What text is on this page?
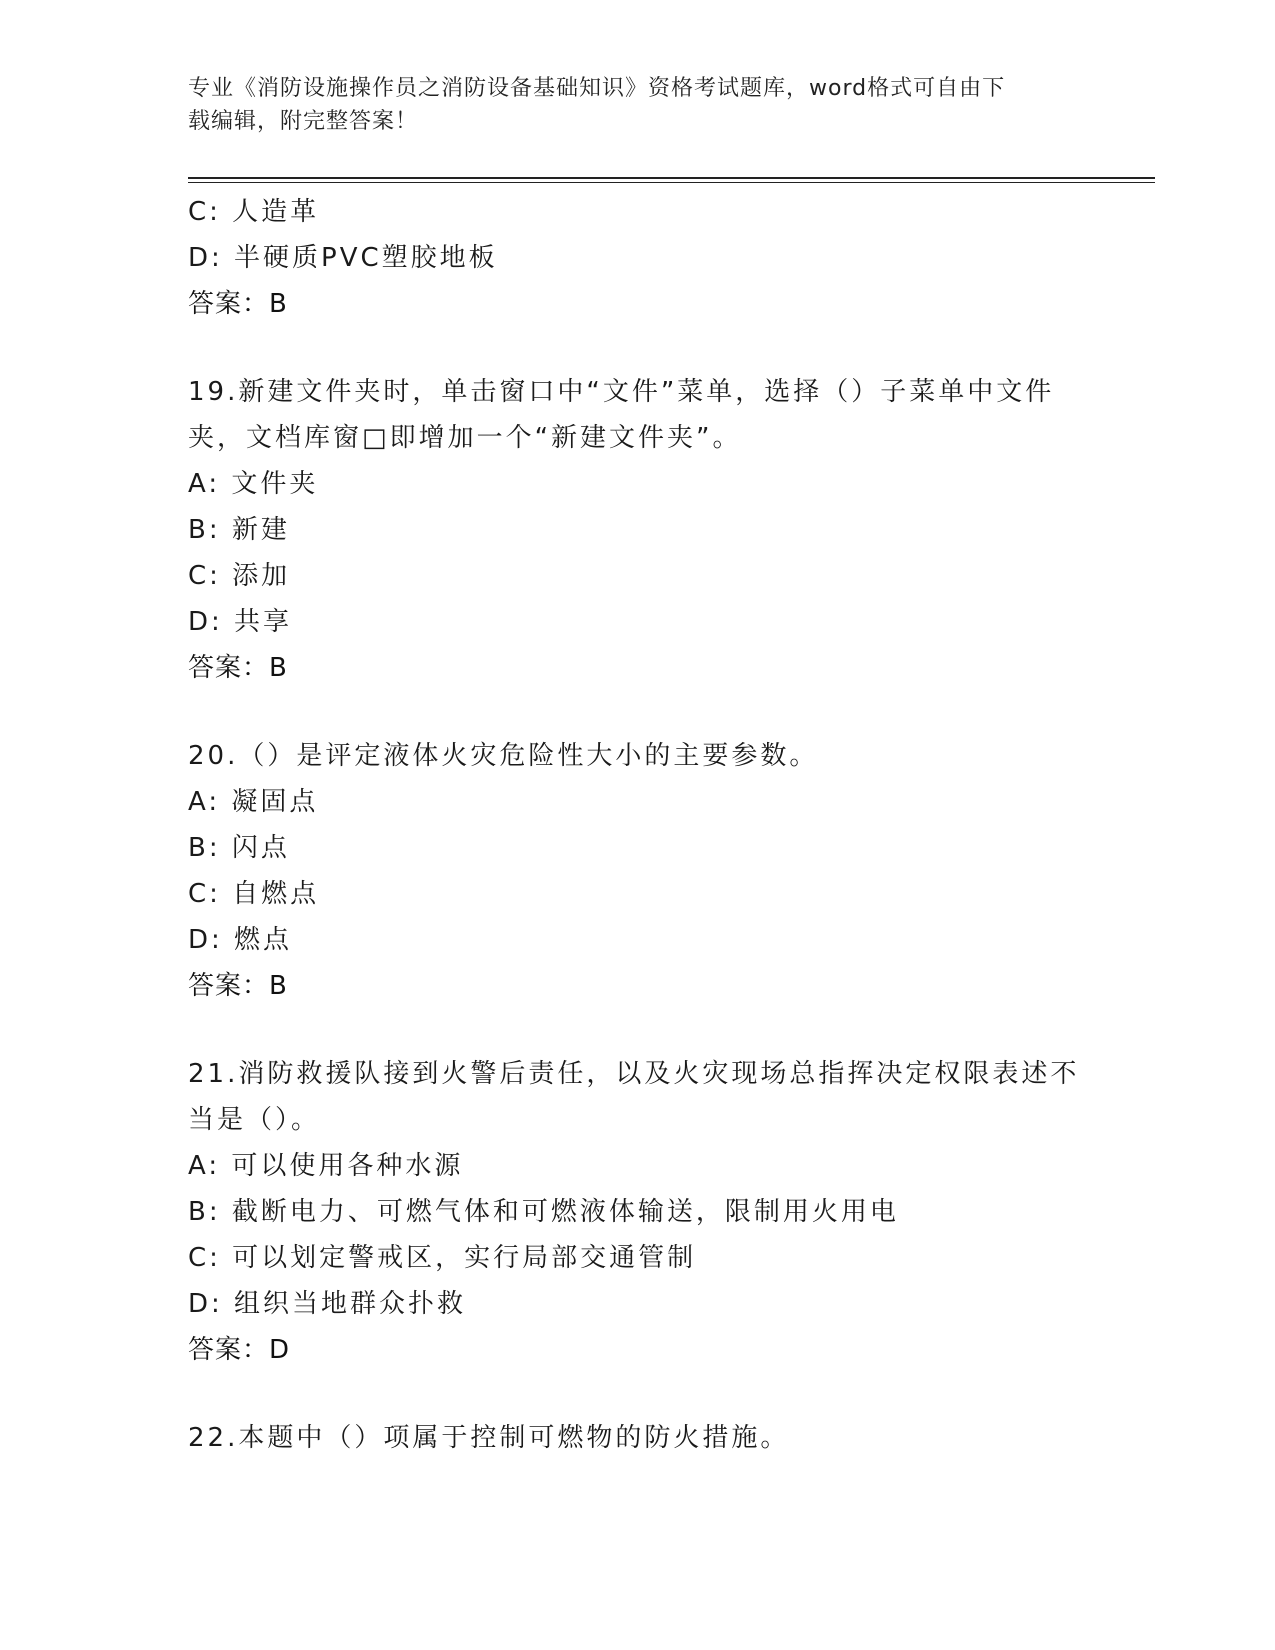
专业《消防设施操作员之消防设备基础知识》资格考试题库，word格式可自由下
载编辑，附完整答案！
C: 人造革
D: 半硬质PVC塑胶地板
答案：B
19.新建文件夹时，单击窗口中“文件”菜单，选择（）子菜单中文件
夹，文档库窗□即增加一个“新建文件夹”。
A: 文件夹
B: 新建
C: 添加
D: 共享
答案：B
20.（）是评定液体火灾危险性大小的主要参数。
A: 凝固点
B: 闪点
C: 自燃点
D: 燃点
答案：B
21.消防救援队接到火警后责任，以及火灾现场总指挥决定权限表述不
当是（）。
A: 可以使用各种水源
B: 截断电力、可燃气体和可燃液体输送，限制用火用电
C: 可以划定警戒区，实行局部交通管制
D: 组织当地群众扑救
答案：D
22.本题中（）项属于控制可燃物的防火措施。
